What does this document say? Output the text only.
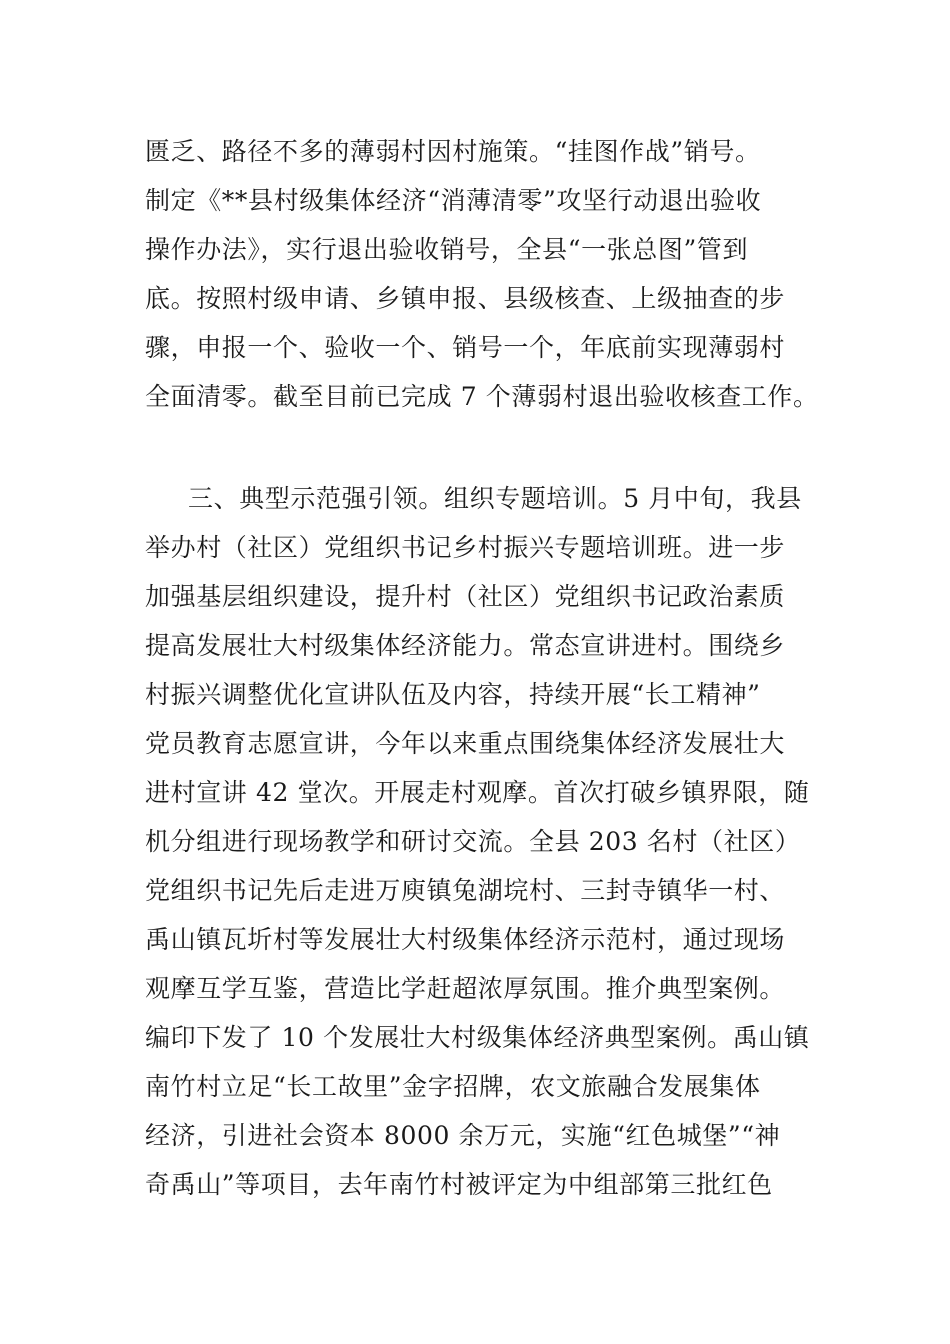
匮乏、路径不多的薄弱村因村施策。“挂图作战”销号。
制定《**县村级集体经济“消薄清零”攻坚行动退出验收
操作办法》，实行退出验收销号，全县“一张总图”管到
底。按照村级申请、乡镇申报、县级核查、上级抽查的步
骤，申报一个、验收一个、销号一个，年底前实现薄弱村
全面清零。截至目前已完成 7 个薄弱村退出验收核查工作。
三、典型示范强引领。组织专题培训。5 月中旬，我县
举办村（社区）党组织书记乡村振兴专题培训班。进一步
加强基层组织建设，提升村（社区）党组织书记政治素质
提高发展壮大村级集体经济能力。常态宣讲进村。围绕乡
村振兴调整优化宣讲队伍及内容，持续开展“长工精神”
党员教育志愿宣讲，今年以来重点围绕集体经济发展壮大
进村宣讲 42 堂次。开展走村观摩。首次打破乡镇界限，随
机分组进行现场教学和研讨交流。全县 203 名村（社区）
党组织书记先后走进万庾镇兔湖垸村、三封寺镇华一村、
禹山镇瓦圻村等发展壮大村级集体经济示范村，通过现场
观摩互学互鉴，营造比学赶超浓厚氛围。推介典型案例。
编印下发了 10 个发展壮大村级集体经济典型案例。禹山镇
南竹村立足“长工故里”金字招牌，农文旅融合发展集体
经济，引进社会资本 8000 余万元，实施“红色城堡”“神
奇禹山”等项目，去年南竹村被评定为中组部第三批红色
